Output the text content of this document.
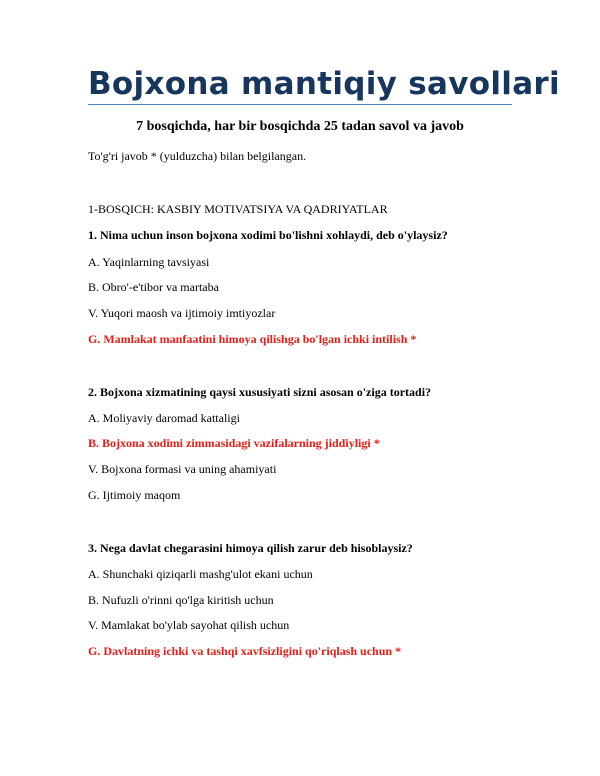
Bojxona mantiqiy savollari
7 bosqichda, har bir bosqichda 25 tadan savol va javob
To'g'ri javob * (yulduzcha) bilan belgilangan.
1-BOSQICH: KASBIY MOTIVATSIYA VA QADRIYATLAR
1. Nima uchun inson bojxona xodimi bo'lishni xohlaydi, deb o'ylaysiz?
A. Yaqinlarning tavsiyasi
B. Obro'-e'tibor va martaba
V. Yuqori maosh va ijtimoiy imtiyozlar
G. Mamlakat manfaatini himoya qilishga bo'lgan ichki intilish *
2. Bojxona xizmatining qaysi xususiyati sizni asosan o'ziga tortadi?
A. Moliyaviy daromad kattaligi
B. Bojxona xodimi zimmasidagi vazifalarning jiddiyligi *
V. Bojxona formasi va uning ahamiyati
G. Ijtimoiy maqom
3. Nega davlat chegarasini himoya qilish zarur deb hisoblaysiz?
A. Shunchaki qiziqarli mashg'ulot ekani uchun
B. Nufuzli o'rinni qo'lga kiritish uchun
V. Mamlakat bo'ylab sayohat qilish uchun
G. Davlatning ichki va tashqi xavfsizligini qo'riqlash uchun *
